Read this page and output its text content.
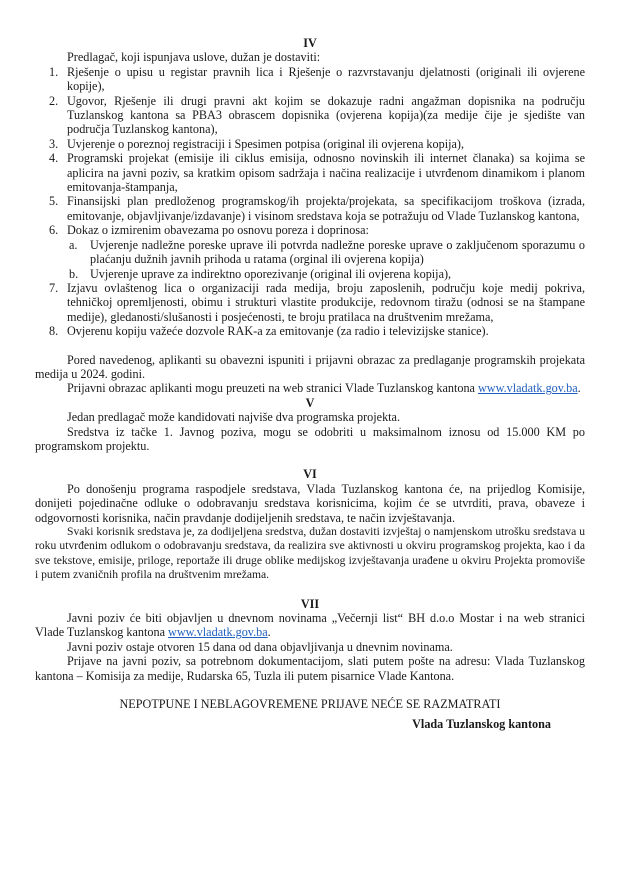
IV

Predlagač, koji ispunjava uslove, dužan je dostaviti:

1. Rješenje o upisu u registar pravnih lica i Rješenje o razvrstavanju djelatnosti (originali ili ovjerene kopije),
2. Ugovor, Rješenje ili drugi pravni akt kojim se dokazuje radni angažman dopisnika na području Tuzlanskog kantona sa PBA3 obrascem dopisnika (ovjerena kopija)(za medije čije je sjedište van područja Tuzlanskog kantona),
3. Uvjerenje o poreznoj registraciji i Spesimen potpisa (original ili ovjerena kopija),
4. Programski projekat (emisije ili ciklus emisija, odnosno novinskih ili internet članaka) sa kojima se aplicira na javni poziv, sa kratkim opisom sadržaja i načina realizacije i utvrđenom dinamikom i planom emitovanja-štampanja,
5. Finansijski plan predloženog programskog/ih projekta/projekata, sa specifikacijom troškova (izrada, emitovanje, objavljivanje/izdavanje) i visinom sredstava koja se potražuju od Vlade Tuzlanskog kantona,
6. Dokaz o izmirenim obavezama po osnovu poreza i doprinosa:
a. Uvjerenje nadležne poreske uprave ili potvrda nadležne poreske uprave o zaključenom sporazumu o plaćanju dužnih javnih prihoda u ratama (orginal ili ovjerena kopija)
b. Uvjerenje uprave za indirektno oporezivanje (original ili ovjerena kopija),
7. Izjavu ovlaštenog lica o organizaciji rada medija, broju zaposlenih, području koje medij pokriva, tehničkoj opremljenosti, obimu i strukturi vlastite produkcije, redovnom tiražu (odnosi se na štampane medije), gledanosti/slušanosti i posjećenosti, te broju pratilaca na društvenim mrežama,
8. Ovjerenu kopiju važeće dozvole RAK-a za emitovanje (za radio i televizijske stanice).

Pored navedenog, aplikanti su obavezni ispuniti i prijavni obrazac za predlaganje programskih projekata medija u 2024. godini.

Prijavni obrazac aplikanti mogu preuzeti na web stranici Vlade Tuzlanskog kantona www.vladatk.gov.ba.

V

Jedan predlagač može kandidovati najviše dva programska projekta.

Sredstva iz tačke 1. Javnog poziva, mogu se odobriti u maksimalnom iznosu od 15.000 KM po programskom projektu.

VI

Po donošenju programa raspodjele sredstava, Vlada Tuzlanskog kantona će, na prijedlog Komisije, donijeti pojedinačne odluke o odobravanju sredstava korisnicima, kojim će se utvrditi, prava, obaveze i odgovornosti korisnika, način pravdanje dodijeljenih sredstava, te način izvještavanja.

Svaki korisnik sredstava je, za dodijeljena sredstva, dužan dostaviti izvještaj o namjenskom utrošku sredstava u roku utvrđenim odlukom o odobravanju sredstava, da realizira sve aktivnosti u okviru programskog projekta, kao i da sve tekstove, emisije, priloge, reportaže ili druge oblike medijskog izvještavanja urađene u okviru Projekta promoviše i putem zvaničnih profila na društvenim mrežama.

VII

Javni poziv će biti objavljen u dnevnom novinama „Večernji list“ BH d.o.o Mostar i na web stranici Vlade Tuzlanskog kantona www.vladatk.gov.ba.

Javni poziv ostaje otvoren 15 dana od dana objavljivanja u dnevnim novinama.

Prijave na javni poziv, sa potrebnom dokumentacijom, slati putem pošte na adresu: Vlada Tuzlanskog kantona – Komisija za medije, Rudarska 65, Tuzla ili putem pisarnice Vlade Kantona.

NEPOTPUNE I NEBLAGOVREMENE PRIJAVE NEĆE SE RAZMATRATI

Vlada Tuzlanskog kantona
